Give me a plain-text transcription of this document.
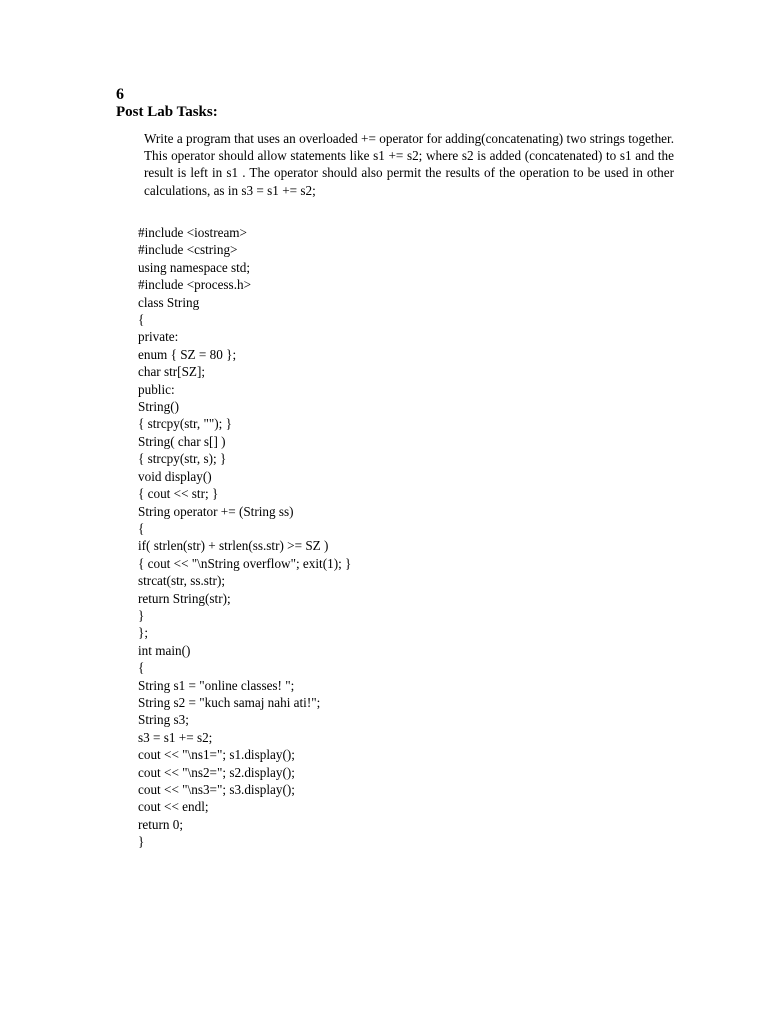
6
Post Lab Tasks:
Write a program that uses an overloaded += operator for adding(concatenating) two strings together. This operator should allow statements like s1 += s2; where s2 is added (concatenated) to s1 and the result is left in s1 . The operator should also permit the results of the operation to be used in other calculations, as in s3 = s1 += s2;
#include <iostream>
#include <cstring>
using namespace std;
#include <process.h>
class String
{
private:
enum { SZ = 80 };
char str[SZ];
public:
String()
{ strcpy(str, ""); }
String( char s[] )
{ strcpy(str, s); }
void display()
{ cout << str; }
String operator += (String ss)
{
if( strlen(str) + strlen(ss.str) >= SZ )
{ cout << "\nString overflow"; exit(1); }
strcat(str, ss.str);
return String(str);
}
};
int main()
{
String s1 = "online classes! ";
String s2 = "kuch samaj nahi ati!";
String s3;
s3 = s1 += s2;
cout << "\ns1="; s1.display();
cout << "\ns2="; s2.display();
cout << "\ns3="; s3.display();
cout << endl;
return 0;
}
